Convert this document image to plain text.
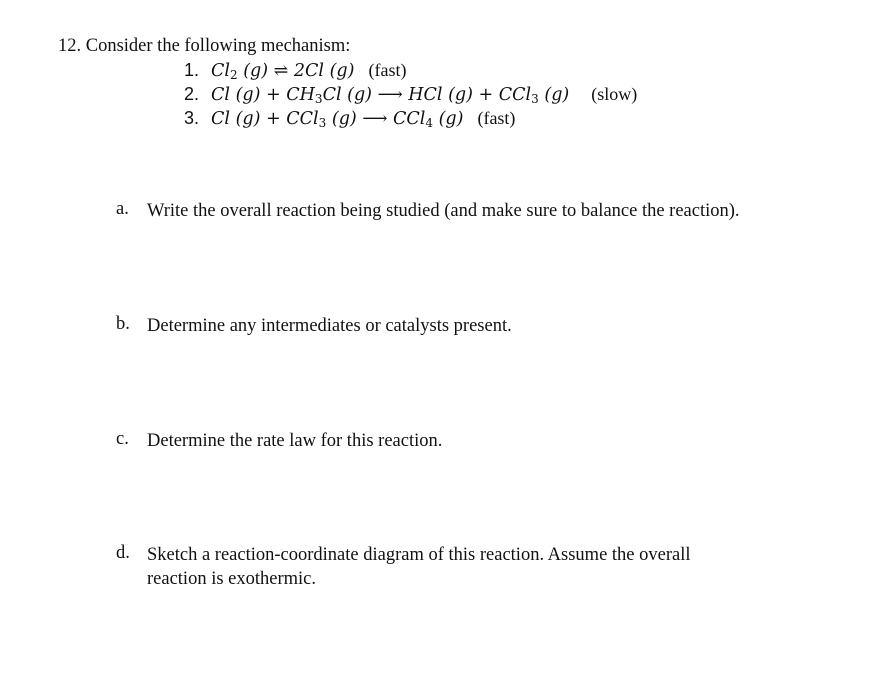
12. Consider the following mechanism:
1. $Cl_2$ (g) ⇌ 2Cl (g) (fast)
2. Cl $(g) + CH_3Cl$ (g) ⟶ HCl (g) + CCl$_3$ (g) (slow)
3. Cl (g) + CCl$_3$ (g) ⟶ CCl$_4$ (g) (fast)
a. Write the overall reaction being studied (and make sure to balance the reaction).
b. Determine any intermediates or catalysts present.
c. Determine the rate law for this reaction.
d. Sketch a reaction-coordinate diagram of this reaction. Assume the overall
reaction is exothermic.
